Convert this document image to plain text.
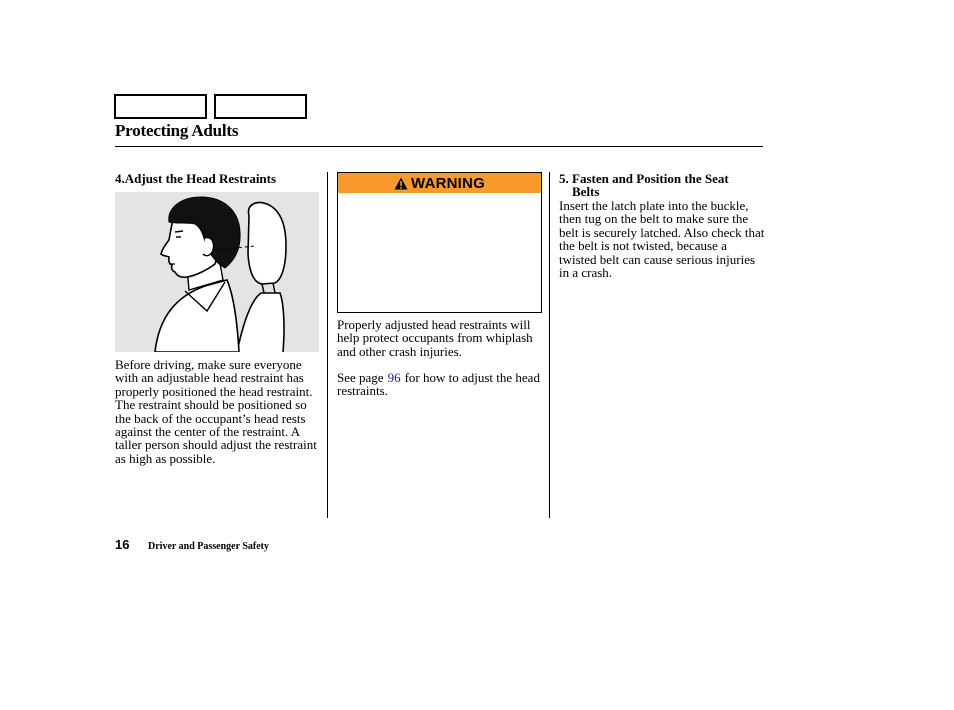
Protecting Adults
4.Adjust the Head Restraints

Before driving, make sure everyone with an adjustable head restraint has properly positioned the head restraint. The restraint should be positioned so the back of the occupant’s head rests against the center of the restraint. A taller person should adjust the restraint as high as possible.

WARNING

Properly adjusted head restraints will help protect occupants from whiplash and other crash injuries.

See page 96 for how to adjust the head restraints.

5. Fasten and Position the Seat
Belts

Insert the latch plate into the buckle, then tug on the belt to make sure the belt is securely latched. Also check that the belt is not twisted, because a twisted belt can cause serious injuries in a crash.

16 Driver and Passenger Safety
